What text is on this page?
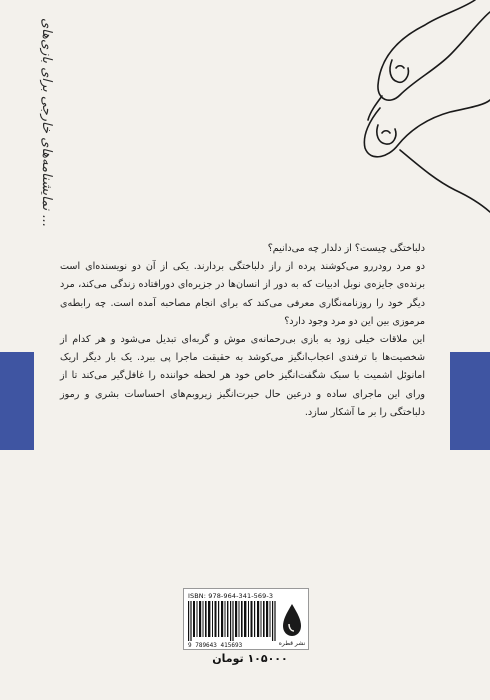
نمایشنامه‌های خارجی برای بازی‌های ...

دلباختگی چیست؟ از دلدار چه می‌دانیم؟

دو مرد رودررو می‌کوشند پرده از راز دلباختگی بردارند. یکی از آن دو نویسنده‌ای است برنده‌ی جایزه‌ی نوبل ادبیات که به دور از انسان‌ها در جزیره‌ای دورافتاده زندگی می‌کند، مرد دیگر خود را روزنامه‌نگاری معرفی می‌کند که برای انجام مصاحبه آمده است. چه رابطه‌ی مرموزی بین این دو مرد وجود دارد؟

این ملاقات خیلی زود به بازی بی‌رحمانه‌ی موش و گربه‌ای تبدیل می‌شود و هر کدام از شخصیت‌ها با ترفندی اعجاب‌انگیز می‌کوشد به حقیقت ماجرا پی ببرد. یک بار دیگر اریک امانوئل اشمیت با سبک شگفت‌انگیز خاص خود هر لحظه خواننده را غافل‌گیر می‌کند تا از ورای این ماجرای ساده و درعین حال حیرت‌انگیز زیروبم‌های احساسات بشری و رموز دلباختگی را بر ما آشکار سازد.

ISBN: 978-964-341-569-3
9 789643 415693	نشر قطره
۱۰۵۰۰۰ تومان
